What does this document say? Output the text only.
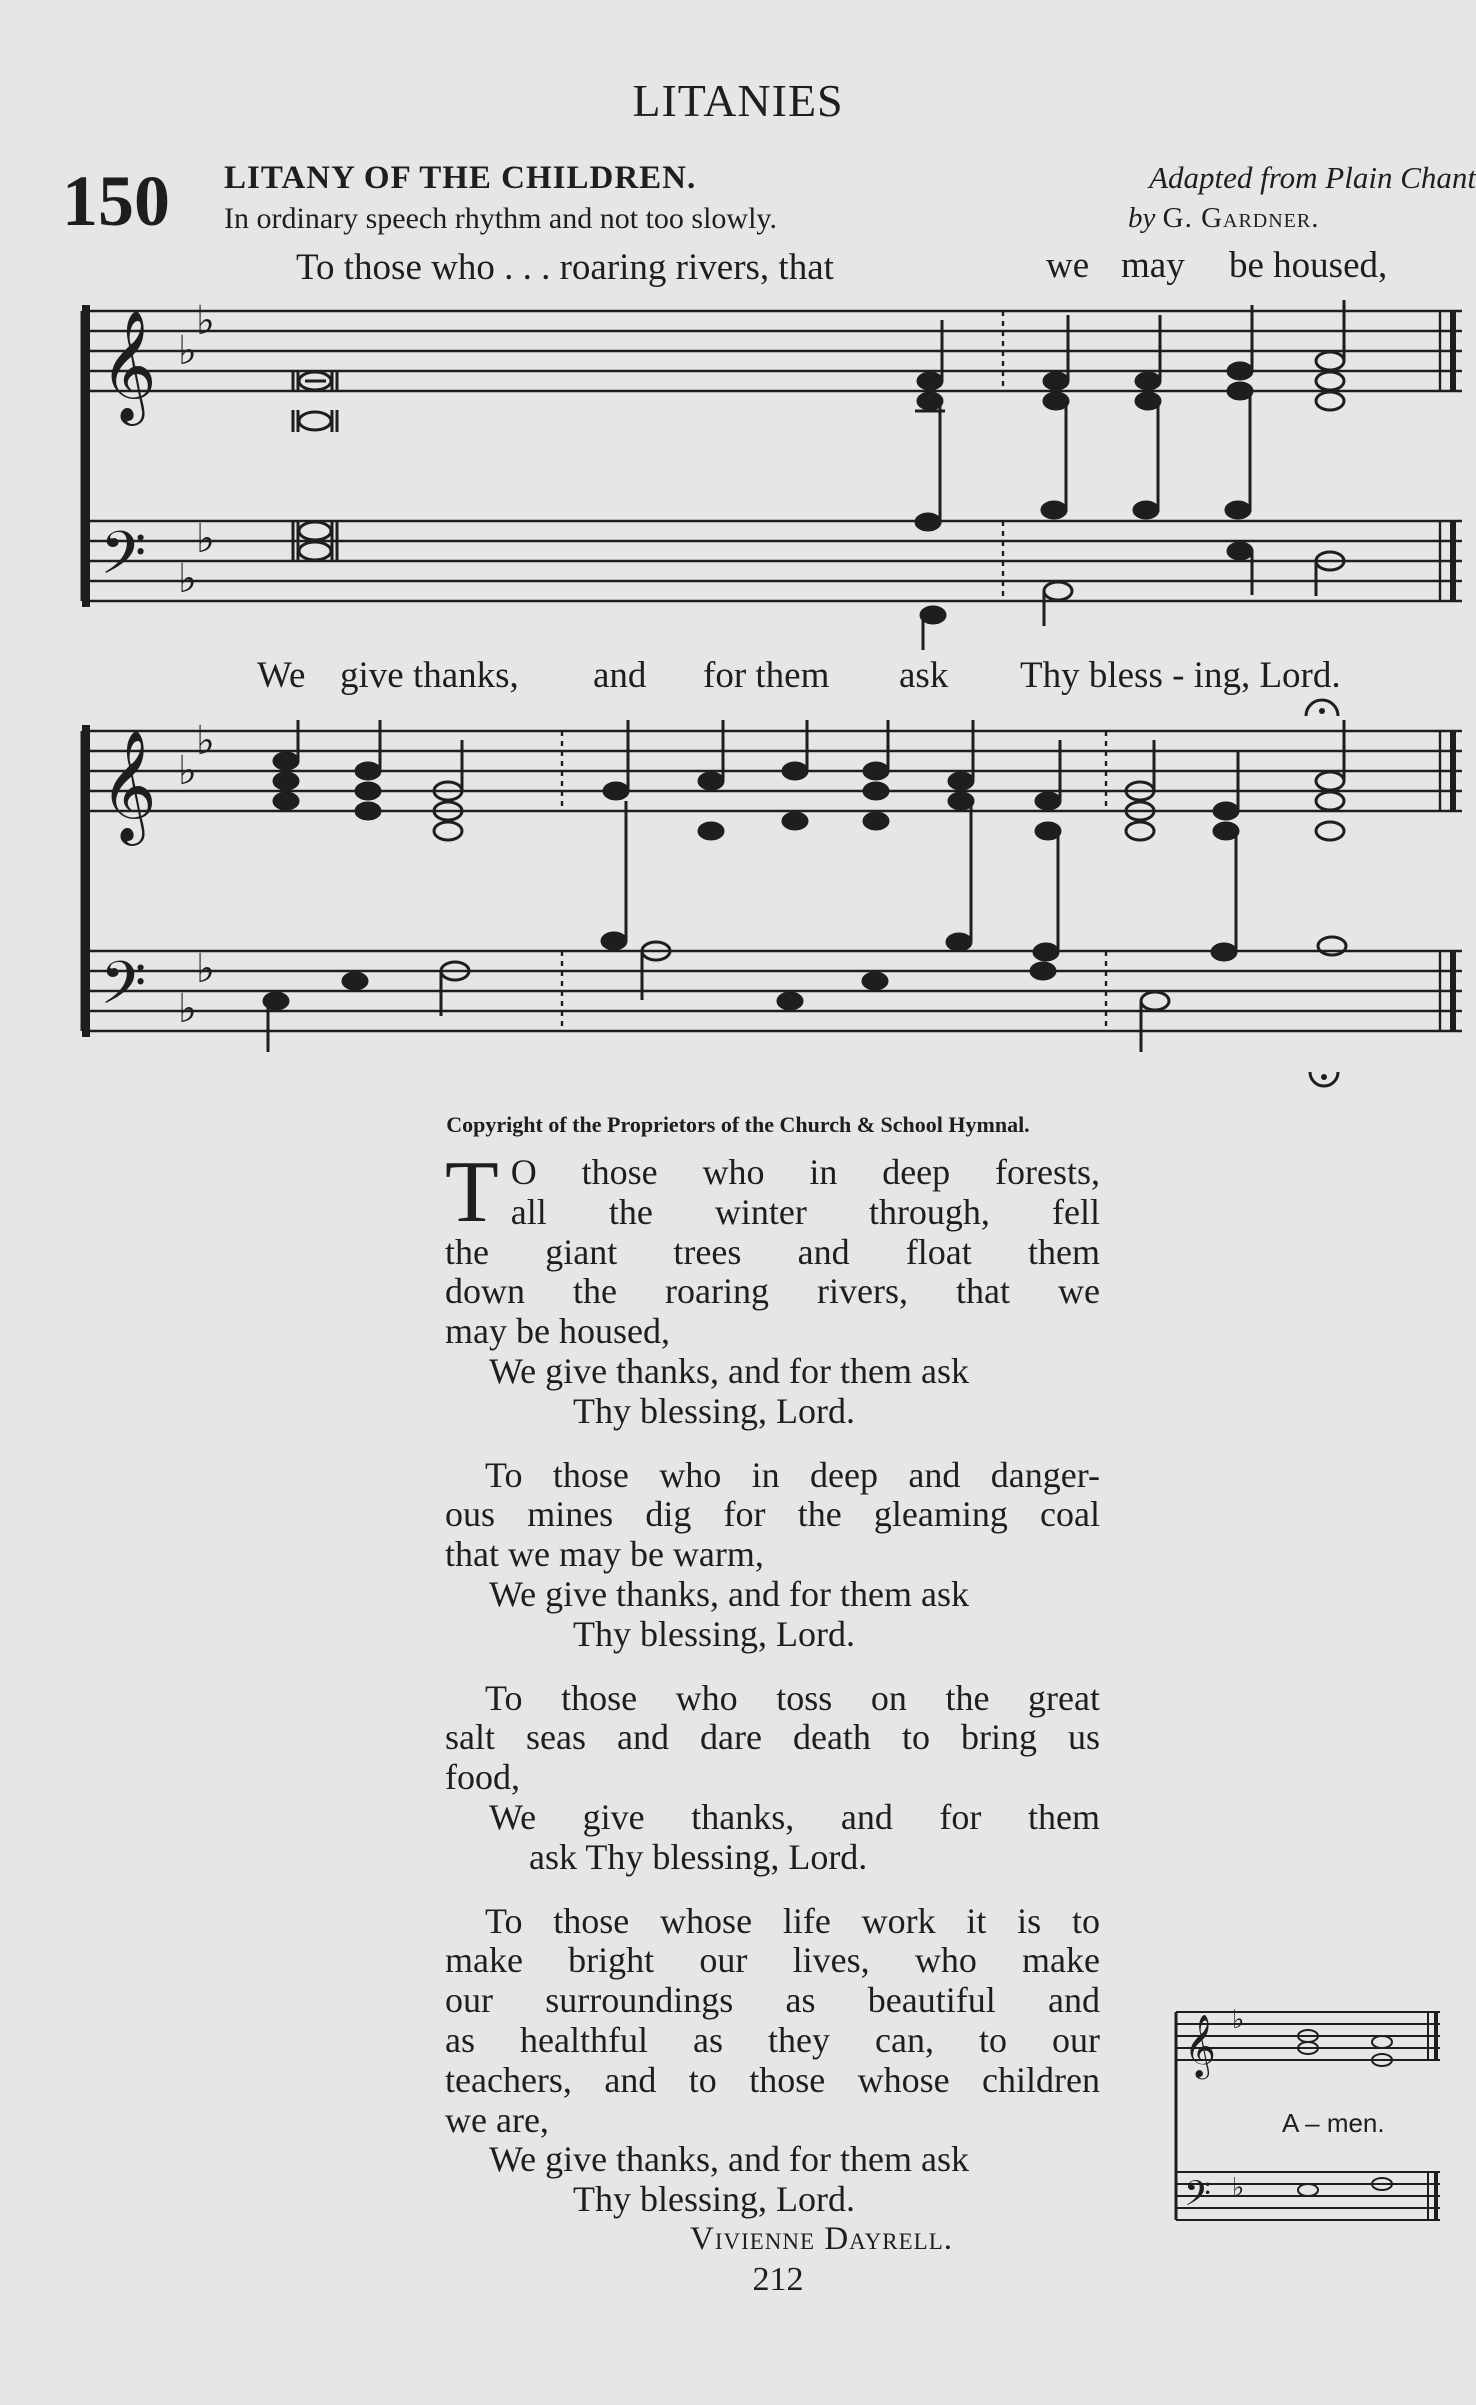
LITANIES
150 LITANY OF THE CHILDREN.
In ordinary speech rhythm and not too slowly.
Adapted from Plain Chant
by G. Gardner.
To those who . . . roaring rivers, that	we may be housed,
We give thanks, and for them ask Thy bless - ing, Lord.
𝄞
𝄢
𝄞
𝄢
♭
♭
♭
♭
♭
♭
♭
♭
𝄞
𝄢
♭
♭
Copyright of the Proprietors of the Church & School Hymnal.
T O those who in deep forests,

all the winter through, fell

the giant trees and float them

down the roaring rivers, that we

may be housed,

We give thanks, and for them ask

Thy blessing, Lord.

To those who in deep and danger-

ous mines dig for the gleaming coal

that we may be warm,

We give thanks, and for them ask

Thy blessing, Lord.

To those who toss on the great

salt seas and dare death to bring us

food,

We give thanks, and for them

ask Thy blessing, Lord.

To those whose life work it is to

make bright our lives, who make

our surroundings as beautiful and

as healthful as they can, to our

teachers, and to those whose children

we are,

We give thanks, and for them ask

Thy blessing, Lord.

Vivienne Dayrell.
212
A – men.
